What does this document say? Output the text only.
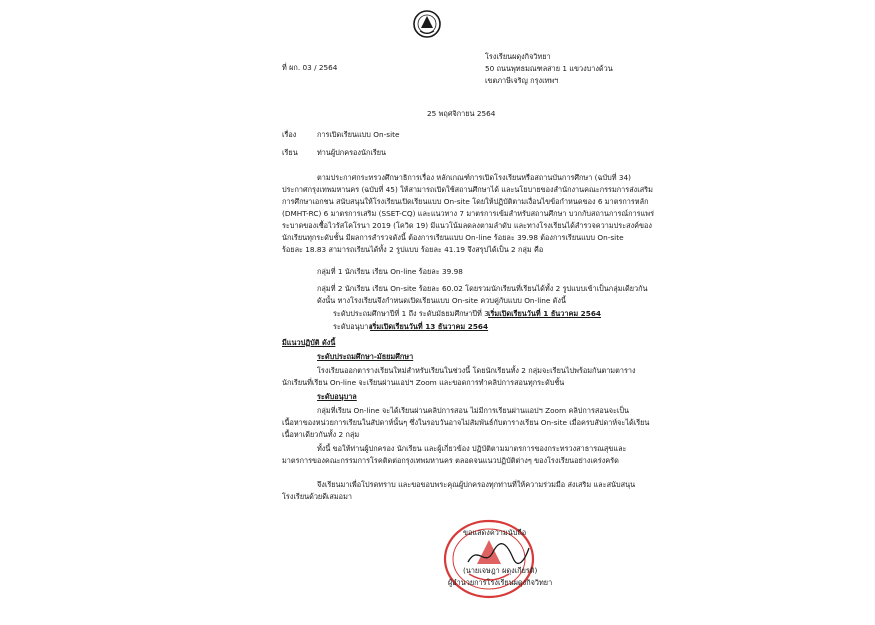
ที่ ผก. 03 / 2564
โรงเรียนผดุงกิจวิทยา
50 ถนนพุทธมณฑลสาย 1 แขวงบางด้วน
เขตภาษีเจริญ กรุงเทพฯ
25 พฤศจิกายน 2564
เรื่อง	การเปิดเรียนแบบ On-site
เรียน	ท่านผู้ปกครองนักเรียน
ตามประกาศกระทรวงศึกษาธิการเรื่อง หลักเกณฑ์การเปิดโรงเรียนหรือสถานบันการศึกษา (ฉบับที่ 34)
ประกาศกรุงเทพมหานคร (ฉบับที่ 45) ให้สามารถเปิดใช้สถานศึกษาได้ และนโยบายของสำนักงานคณะกรรมการส่งเสริม
การศึกษาเอกชน สนับสนุนให้โรงเรียนเปิดเรียนแบบ On-site โดยให้ปฏิบัติตามเงื่อนไขข้อกำหนดของ 6 มาตรการหลัก
(DMHT-RC) 6 มาตรการเสริม (SSET-CQ) และแนวทาง 7 มาตรการเข้มสำหรับสถานศึกษา บวกกับสถานการณ์การแพร่
ระบาดของเชื้อไวรัสโคโรนา 2019 (โควิด 19) มีแนวโน้มลดลงตามลำดับ และทางโรงเรียนได้สำรวจความประสงค์ของ
นักเรียนทุกระดับชั้น มีผลการสำรวจดังนี้ ต้องการเรียนแบบ On-line ร้อยละ 39.98 ต้องการเรียนแบบ On-site
ร้อยละ 18.83 สามารถเรียนได้ทั้ง 2 รูปแบบ ร้อยละ 41.19 จึงสรุปได้เป็น 2 กลุ่ม คือ
กลุ่มที่ 1 นักเรียน เรียน On-line ร้อยละ 39.98
กลุ่มที่ 2 นักเรียน เรียน On-site ร้อยละ 60.02 โดยรวมนักเรียนที่เรียนได้ทั้ง 2 รูปแบบเข้าเป็นกลุ่มเดียวกัน
ดังนั้น ทางโรงเรียนจึงกำหนดเปิดเรียนแบบ On-site ควบคู่กับแบบ On-line ดังนี้
ระดับประถมศึกษาปีที่ 1 ถึง ระดับมัธยมศึกษาปีที่ 3 เริ่มเปิดเรียนวันที่ 1 ธันวาคม 2564
ระดับอนุบาล
เริ่มเปิดเรียนวันที่ 13 ธันวาคม 2564
มีแนวปฏิบัติ ดังนี้
ระดับประถมศึกษา-มัธยมศึกษา
โรงเรียนออกตารางเรียนใหม่สำหรับเรียนในช่วงนี้ โดยนักเรียนทั้ง 2 กลุ่มจะเรียนไปพร้อมกันตามตาราง
นักเรียนที่เรียน On-line จะเรียนผ่านแอปฯ Zoom และขอดการทำคลิปการสอนทุกระดับชั้น
ระดับอนุบาล
กลุ่มที่เรียน On-line จะได้เรียนผ่านคลิปการสอน ไม่มีการเรียนผ่านแอปฯ Zoom คลิปการสอนจะเป็น
เนื้อหาของหน่วยการเรียนในสัปดาห์นั้นๆ ซึ่งในรอบวันอาจไม่สัมพันธ์กับตารางเรียน On-site เมื่อครบสัปดาห์จะได้เรียน
เนื้อหาเดียวกันทั้ง 2 กลุ่ม
ทั้งนี้ ขอให้ท่านผู้ปกครอง นักเรียน และผู้เกี่ยวข้อง ปฏิบัติตามมาตรการของกระทรวงสาธารณสุขและ
มาตรการของคณะกรรมการโรคติดต่อกรุงเทพมหานคร ตลอดจนแนวปฏิบัติต่างๆ ของโรงเรียนอย่างเคร่งครัด
จึงเรียนมาเพื่อโปรดทราบ และขอขอบพระคุณผู้ปกครองทุกท่านที่ให้ความร่วมมือ ส่งเสริม และสนับสนุน
โรงเรียนด้วยดีเสมอมา
ขอแสดงความนับถือ
(นายเจษฎา ผดุงเกียรติ)
ผู้อำนวยการโรงเรียนผดุงกิจวิทยา
